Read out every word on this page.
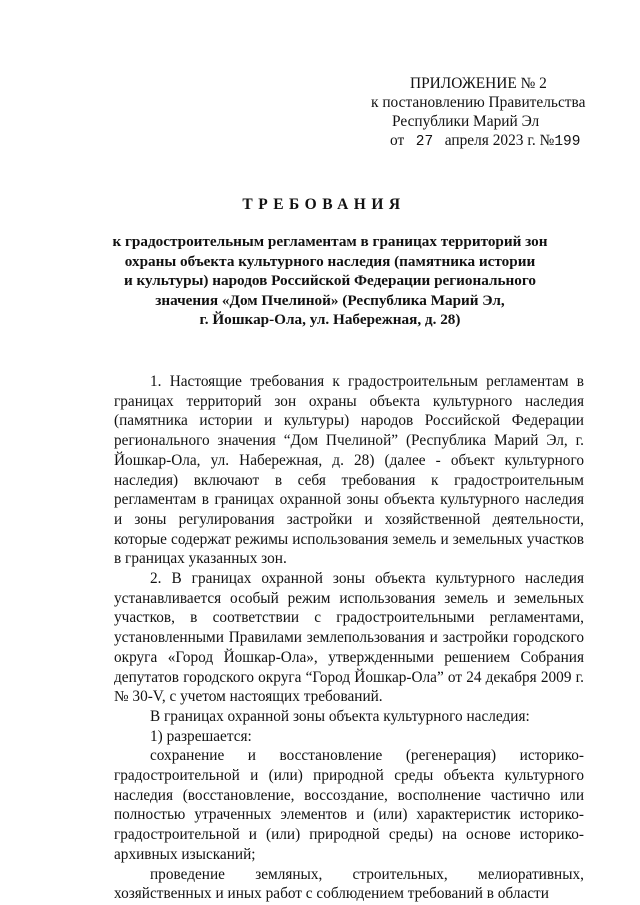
ПРИЛОЖЕНИЕ № 2
к постановлению Правительства
Республики Марий Эл
от 27 апреля 2023 г. №199
ТРЕБОВАНИЯ
к градостроительным регламентам в границах территорий зон
охраны объекта культурного наследия (памятника истории
и культуры) народов Российской Федерации регионального
значения «Дом Пчелиной» (Республика Марий Эл,
г. Йошкар-Ола, ул. Набережная, д. 28)

1. Настоящие требования к градостроительным регламентам в границах территорий зон охраны объекта культурного наследия (памятника истории и культуры) народов Российской Федерации регионального значения “Дом Пчелиной” (Республика Марий Эл, г. Йошкар-Ола, ул. Набережная, д. 28) (далее - объект культурного наследия) включают в себя требования к градостроительным регламентам в границах охранной зоны объекта культурного наследия и зоны регулирования застройки и хозяйственной деятельности, которые содержат режимы использования земель и земельных участков в границах указанных зон.

2. В границах охранной зоны объекта культурного наследия устанавливается особый режим использования земель и земельных участков, в соответствии с градостроительными регламентами, установленными Правилами землепользования и застройки городского округа «Город Йошкар-Ола», утвержденными решением Собрания депутатов городского округа “Город Йошкар-Ола” от 24 декабря 2009 г. № 30-V, с учетом настоящих требований.

В границах охранной зоны объекта культурного наследия:

1) разрешается:

сохранение и восстановление (регенерация) историко-градостроительной и (или) природной среды объекта культурного наследия (восстановление, воссоздание, восполнение частично или полностью утраченных элементов и (или) характеристик историко-градостроительной и (или) природной среды) на основе историко-архивных изысканий;

проведение земляных, строительных, мелиоративных, хозяйственных и иных работ с соблюдением требований в области
